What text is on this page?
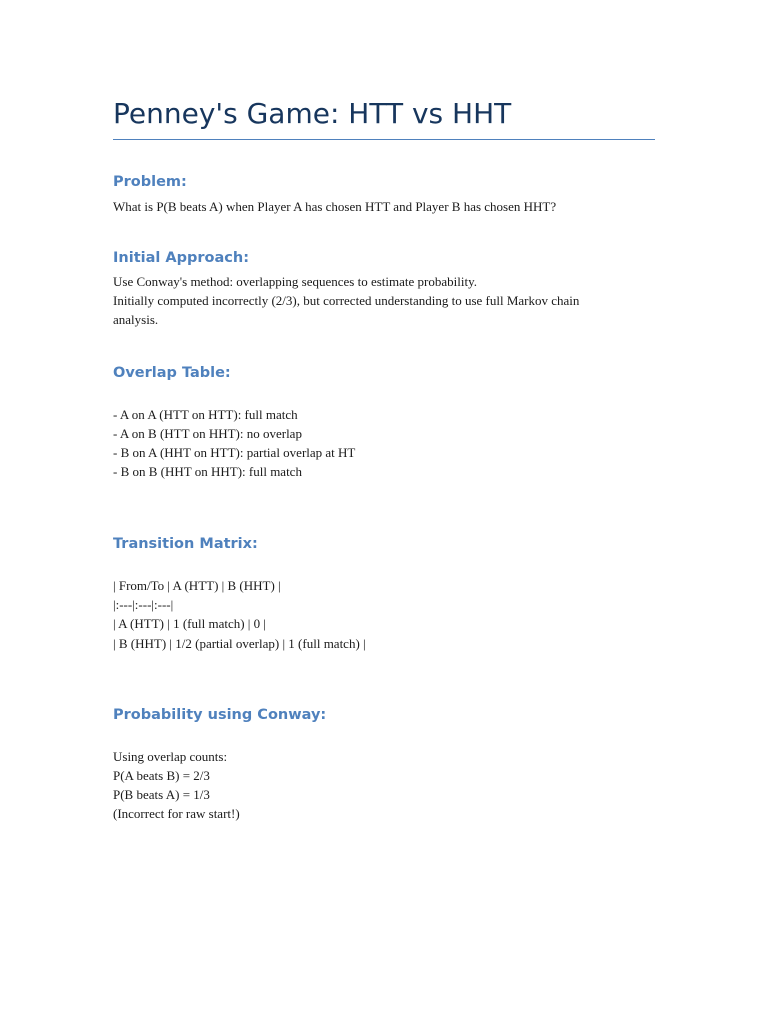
Penney's Game: HTT vs HHT
Problem:

What is P(B beats A) when Player A has chosen HTT and Player B has chosen HHT?

Initial Approach:

Use Conway's method: overlapping sequences to estimate probability.

Initially computed incorrectly (2/3), but corrected understanding to use full Markov chain

analysis.

Overlap Table:

- A on A (HTT on HTT): full match

- A on B (HTT on HHT): no overlap

- B on A (HHT on HTT): partial overlap at HT

- B on B (HHT on HHT): full match

Transition Matrix:

| From/To | A (HTT) | B (HHT) |

|:---|:---|:---|

| A (HTT) | 1 (full match) | 0 |

| B (HHT) | 1/2 (partial overlap) | 1 (full match) |

Probability using Conway:

Using overlap counts:

P(A beats B) = 2/3

P(B beats A) = 1/3

(Incorrect for raw start!)
